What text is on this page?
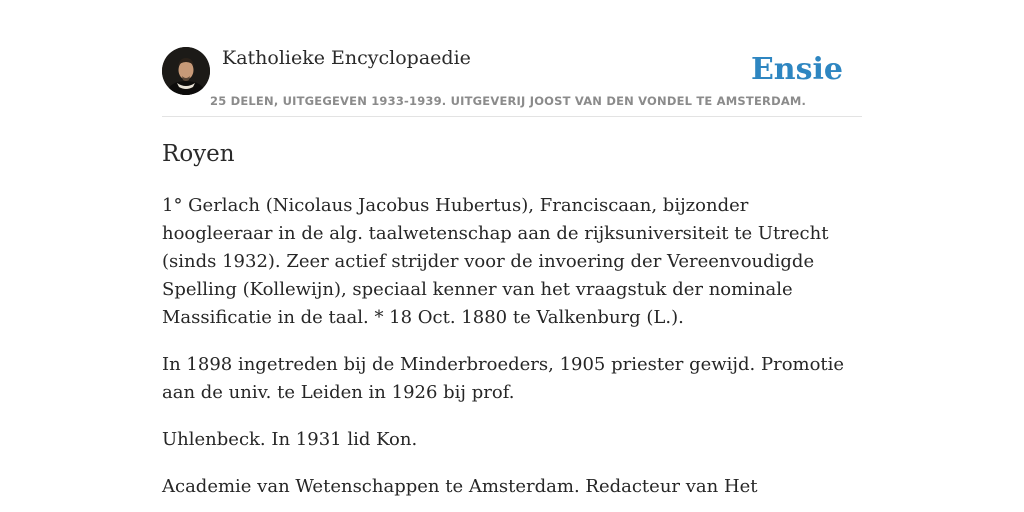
Katholieke Encyclopaedie
25 DELEN, UITGEGEVEN 1933-1939. UITGEVERIJ JOOST VAN DEN VONDEL TE AMSTERDAM.
Ensie
Royen

1° Gerlach (Nicolaus Jacobus Hubertus), Franciscaan, bijzonder hoogleeraar in de alg. taalwetenschap aan de rijksuniversiteit te Utrecht (sinds 1932). Zeer actief strijder voor de invoering der Vereenvoudigde Spelling (Kollewijn), speciaal kenner van het vraagstuk der nominale Massificatie in de taal. * 18 Oct. 1880 te Valkenburg (L.).

In 1898 ingetreden bij de Minderbroeders, 1905 priester gewijd. Promotie aan de univ. te Leiden in 1926 bij prof.

Uhlenbeck. In 1931 lid Kon.

Academie van Wetenschappen te Amsterdam. Redacteur van Het
